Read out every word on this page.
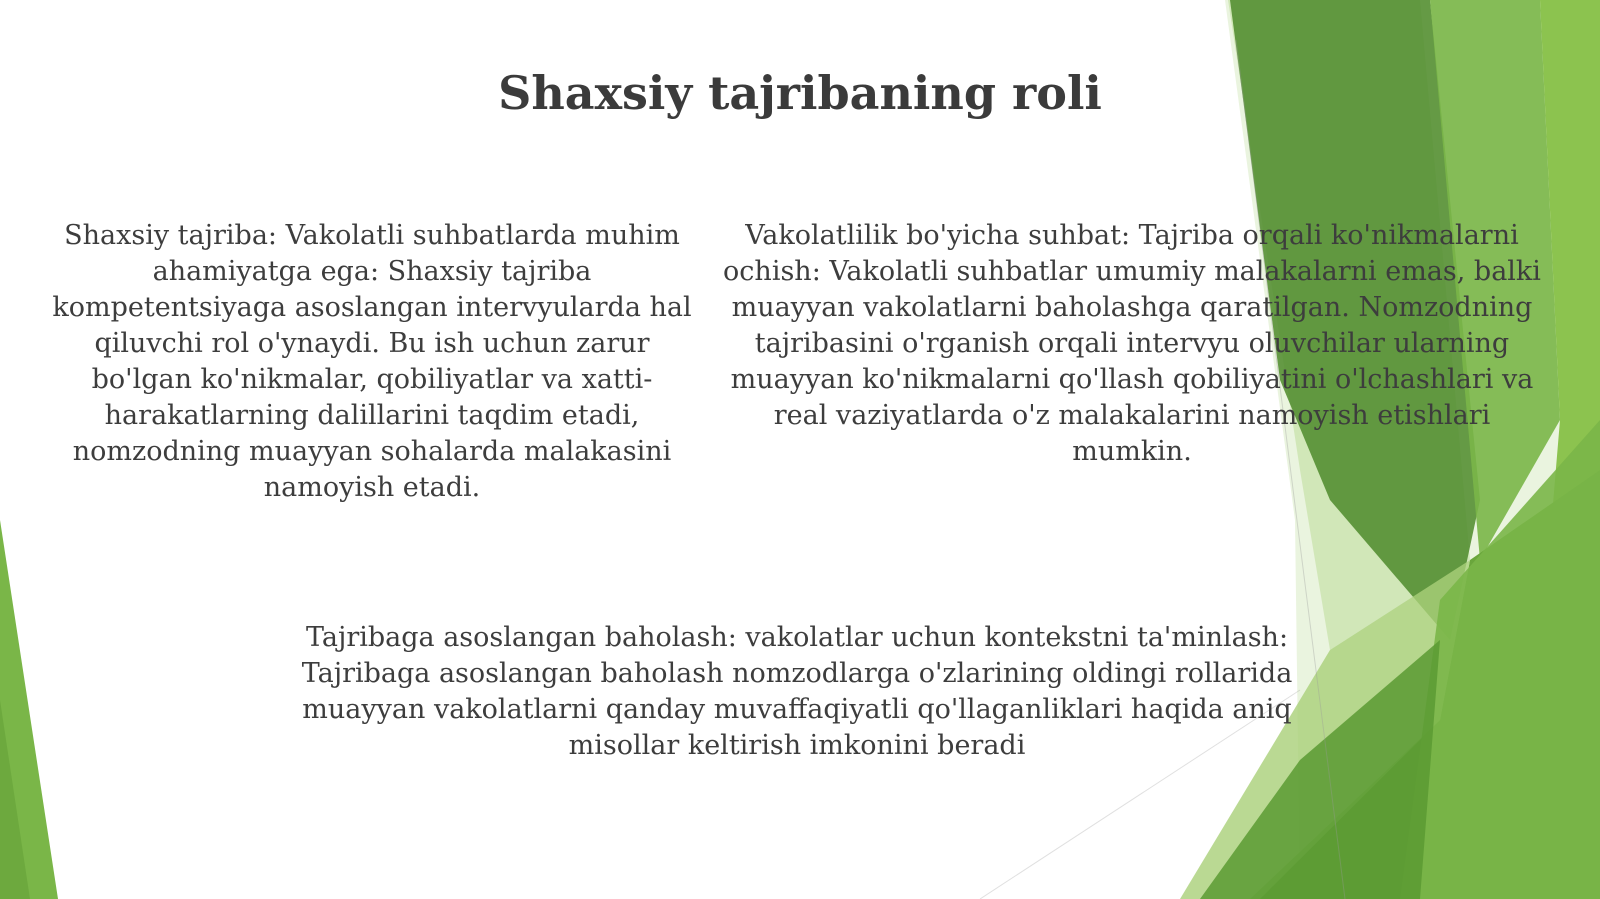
Shaxsiy tajribaning roli

Shaxsiy tajriba: Vakolatli suhbatlarda muhim ahamiyatga ega: Shaxsiy tajriba kompetentsiyaga asoslangan intervyularda hal qiluvchi rol o'ynaydi. Bu ish uchun zarur bo'lgan ko'nikmalar, qobiliyatlar va xatti-harakatlarning dalillarini taqdim etadi, nomzodning muayyan sohalarda malakasini namoyish etadi.

Vakolatlilik bo'yicha suhbat: Tajriba orqali ko'nikmalarni ochish: Vakolatli suhbatlar umumiy malakalarni emas, balki muayyan vakolatlarni baholashga qaratilgan. Nomzodning tajribasini o'rganish orqali intervyu oluvchilar ularning muayyan ko'nikmalarni qo'llash qobiliyatini o'lchashlari va real vaziyatlarda o'z malakalarini namoyish etishlari mumkin.

Tajribaga asoslangan baholash: vakolatlar uchun kontekstni ta'minlash: Tajribaga asoslangan baholash nomzodlarga o'zlarining oldingi rollarida muayyan vakolatlarni qanday muvaffaqiyatli qo'llaganliklari haqida aniq misollar keltirish imkonini beradi
